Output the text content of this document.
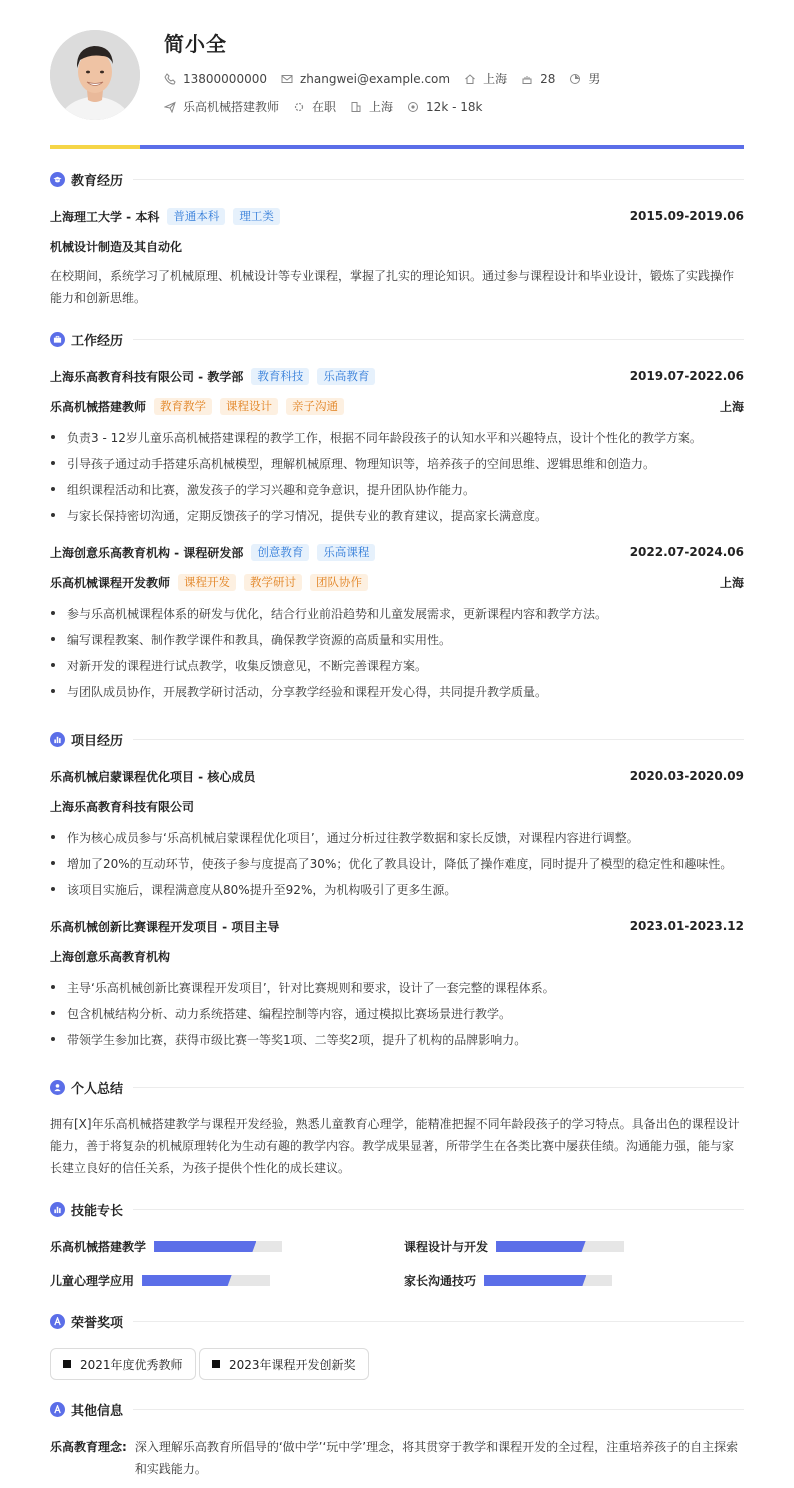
简小全
13800000000	zhangwei@example.com	上海	28	男
乐高机械搭建教师	在职	上海	12k - 18k
教育经历
上海理工大学 - 本科	普通本科	理工类	2015.09-2019.06
机械设计制造及其自动化
在校期间，系统学习了机械原理、机械设计等专业课程，掌握了扎实的理论知识。通过参与课程设计和毕业设计，锻炼了实践操作能力和创新思维。
工作经历
上海乐高教育科技有限公司 - 教学部	教育科技	乐高教育	2019.07-2022.06
乐高机械搭建教师	教育教学	课程设计	亲子沟通	上海
负责3 - 12岁儿童乐高机械搭建课程的教学工作，根据不同年龄段孩子的认知水平和兴趣特点，设计个性化的教学方案。
引导孩子通过动手搭建乐高机械模型，理解机械原理、物理知识等，培养孩子的空间思维、逻辑思维和创造力。
组织课程活动和比赛，激发孩子的学习兴趣和竞争意识，提升团队协作能力。
与家长保持密切沟通，定期反馈孩子的学习情况，提供专业的教育建议，提高家长满意度。
上海创意乐高教育机构 - 课程研发部	创意教育	乐高课程	2022.07-2024.06
乐高机械课程开发教师	课程开发	教学研讨	团队协作	上海
参与乐高机械课程体系的研发与优化，结合行业前沿趋势和儿童发展需求，更新课程内容和教学方法。
编写课程教案、制作教学课件和教具，确保教学资源的高质量和实用性。
对新开发的课程进行试点教学，收集反馈意见，不断完善课程方案。
与团队成员协作，开展教学研讨活动，分享教学经验和课程开发心得，共同提升教学质量。
项目经历
乐高机械启蒙课程优化项目 - 核心成员	2020.03-2020.09
上海乐高教育科技有限公司
作为核心成员参与‘乐高机械启蒙课程优化项目’，通过分析过往教学数据和家长反馈，对课程内容进行调整。
增加了20%的互动环节，使孩子参与度提高了30%；优化了教具设计，降低了操作难度，同时提升了模型的稳定性和趣味性。
该项目实施后，课程满意度从80%提升至92%，为机构吸引了更多生源。
乐高机械创新比赛课程开发项目 - 项目主导	2023.01-2023.12
上海创意乐高教育机构
主导‘乐高机械创新比赛课程开发项目’，针对比赛规则和要求，设计了一套完整的课程体系。
包含机械结构分析、动力系统搭建、编程控制等内容，通过模拟比赛场景进行教学。
带领学生参加比赛，获得市级比赛一等奖1项、二等奖2项，提升了机构的品牌影响力。
个人总结
拥有[X]年乐高机械搭建教学与课程开发经验，熟悉儿童教育心理学，能精准把握不同年龄段孩子的学习特点。具备出色的课程设计能力，善于将复杂的机械原理转化为生动有趣的教学内容。教学成果显著，所带学生在各类比赛中屡获佳绩。沟通能力强，能与家长建立良好的信任关系，为孩子提供个性化的成长建议。
技能专长
乐高机械搭建教学	课程设计与开发
儿童心理学应用	家长沟通技巧
荣誉奖项
2021年度优秀教师	2023年课程开发创新奖
其他信息
乐高教育理念: 深入理解乐高教育所倡导的‘做中学’‘玩中学’理念，将其贯穿于教学和课程开发的全过程，注重培养孩子的自主探索和实践能力。
